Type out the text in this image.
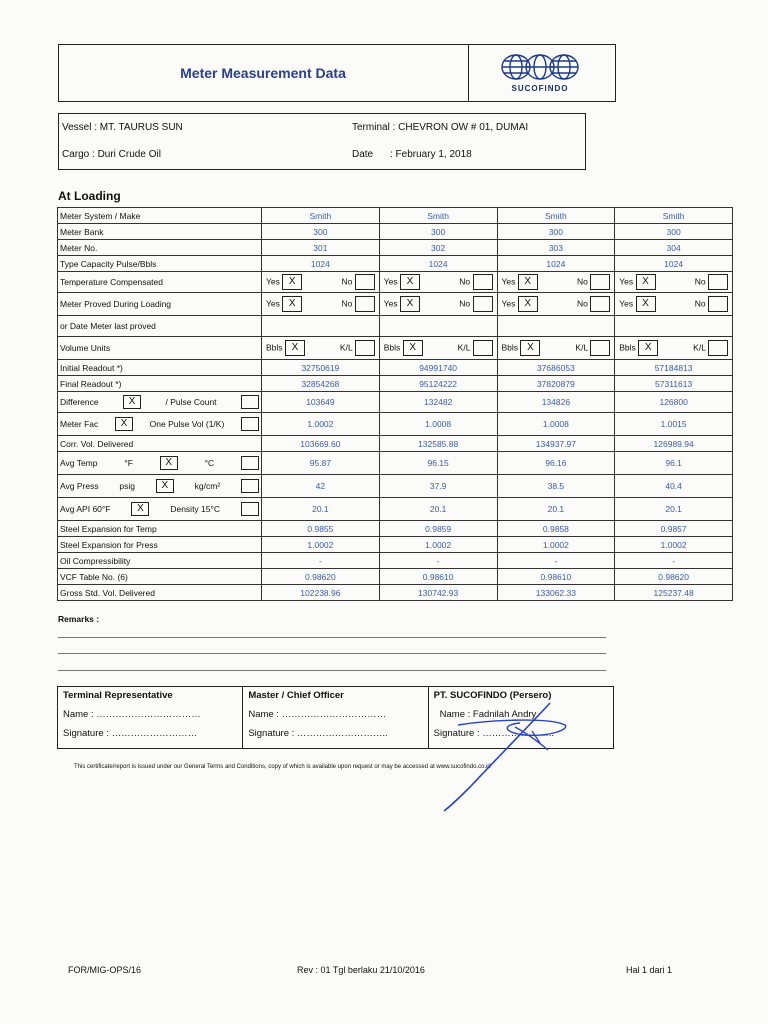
Meter Measurement Data
SUCOFINDO
Vessel : MT. TAURUS SUN	Terminal : CHEVRON OW # 01, DUMAI
Cargo : Duri Crude Oil	Date : February 1, 2018
At Loading
Meter System / Make	Smith	Smith	Smith	Smith
Meter Bank	300	300	300	300
Meter No.	301	302	303	304
Type Capacity Pulse/Bbls	1024	1024	1024	1024
Temperature Compensated	Yes X No	Yes X No	Yes X No	Yes X No

Meter Proved During Loading	Yes X No	Yes X No	Yes X No	Yes X No

or Date Meter last proved				
Volume Units	Bbls X K/L	Bbls X K/L	Bbls X K/L	Bbls X K/L

Initial Readout *)	32750619	94991740	37686053	57184813
Final Readout *)	32854268	95124222	37820879	57311613

Difference X / Pulse Count	103649	132482	134826	126800

Meter Fac X One Pulse Vol (1/K)	1.0002	1.0008	1.0008	1.0015
Corr. Vol. Delivered	103669.60	132585.88	134937.97	126989.94

Avg Temp °F X °C	95.87	96.15	96.16	96.1

Avg Press psig X kg/cm²	42	37.9	38.5	40.4

Avg API 60°F X Density 15°C	20.1	20.1	20.1	20.1
Steel Expansion for Temp	0.9855	0.9859	0.9858	0.9857
Steel Expansion for Press	1.0002	1.0002	1.0002	1.0002
Oil Compressibility	-	-	-	-
VCF Table No. (6)	0.98620	0.98610	0.98610	0.98620
Gross Std. Vol. Delivered	102238.96	130742.93	133062.33	125237.48
Remarks :
Terminal Representative
Name : ……………………………
Signature : ………………………

Master / Chief Officer
Name : ……………………………
Signature : ………………………..

PT. SUCOFINDO (Persero)
Name : Fadnilah Andry
Signature : …………………..
This certificate/report is issued under our General Terms and Conditions, copy of which is available upon request or may be accessed at www.sucofindo.co.id
FOR/MIG-OPS/16	Rev : 01 Tgl berlaku 21/10/2016	Hal 1 dari 1
